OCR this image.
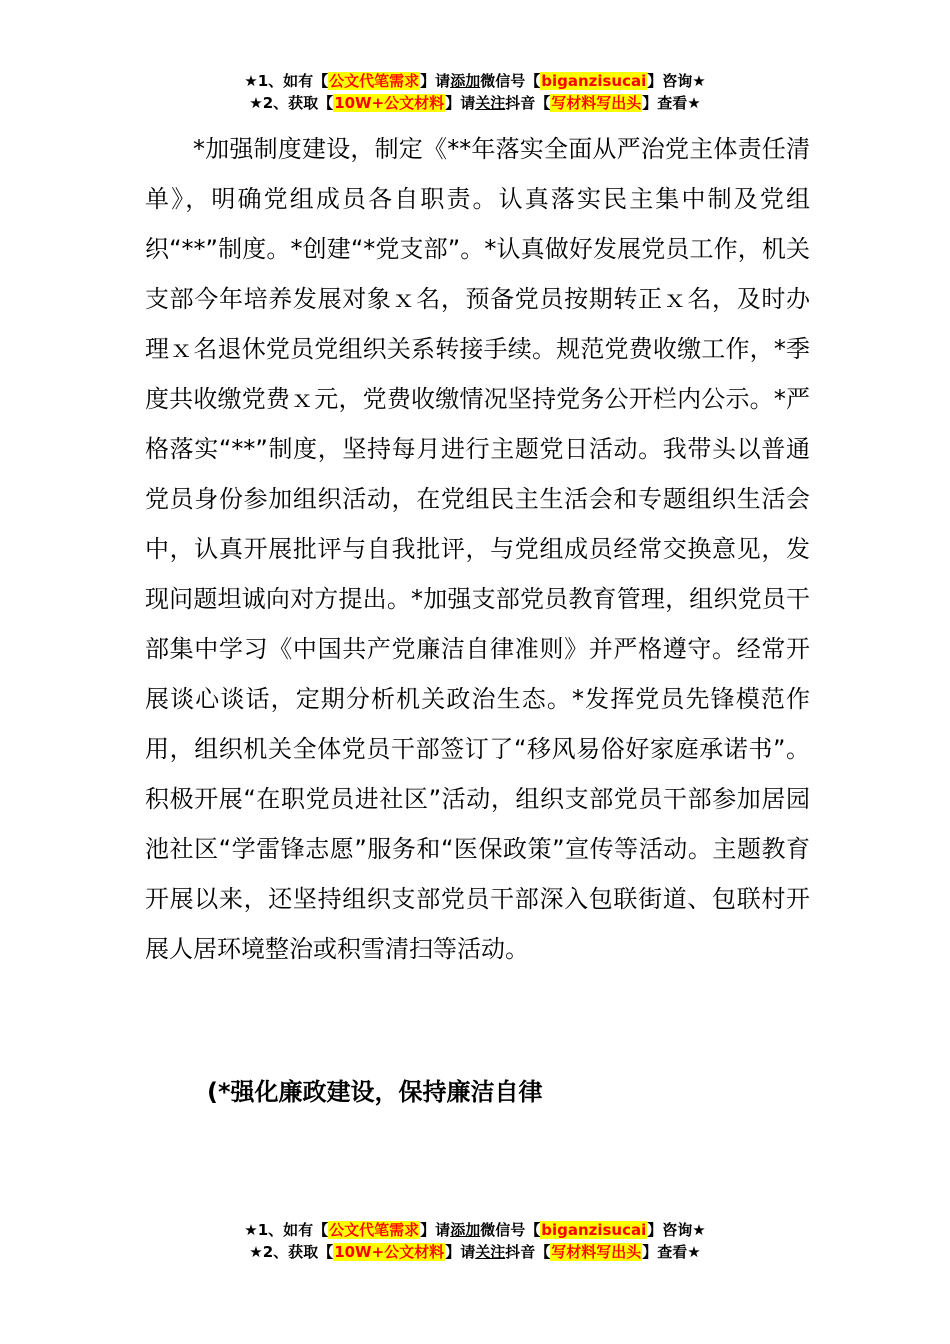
★1、如有【公文代笔需求】请添加微信号【biganzisucai】咨询★
★2、获取【10W+公文材料】请关注抖音【写材料写出头】查看★

*加强制度建设，制定《**年落实全面从严治党主体责任清单》，明确党组成员各自职责。认真落实民主集中制及党组织“**”制度。*创建“*党支部”。*认真做好发展党员工作，机关支部今年培养发展对象ｘ名，预备党员按期转正ｘ名，及时办理ｘ名退休党员党组织关系转接手续。规范党费收缴工作，*季度共收缴党费ｘ元，党费收缴情况坚持党务公开栏内公示。*严格落实“**”制度，坚持每月进行主题党日活动。我带头以普通党员身份参加组织活动，在党组民主生活会和专题组织生活会中，认真开展批评与自我批评，与党组成员经常交换意见，发现问题坦诚向对方提出。*加强支部党员教育管理，组织党员干部集中学习《中国共产党廉洁自律准则》并严格遵守。经常开展谈心谈话，定期分析机关政治生态。*发挥党员先锋模范作用，组织机关全体党员干部签订了“移风易俗好家庭承诺书”。积极开展“在职党员进社区”活动，组织支部党员干部参加居园池社区“学雷锋志愿”服务和“医保政策”宣传等活动。主题教育开展以来，还坚持组织支部党员干部深入包联街道、包联村开展人居环境整治或积雪清扫等活动。

(*强化廉政建设，保持廉洁自律
★1、如有【公文代笔需求】请添加微信号【biganzisucai】咨询★
★2、获取【10W+公文材料】请关注抖音【写材料写出头】查看★
